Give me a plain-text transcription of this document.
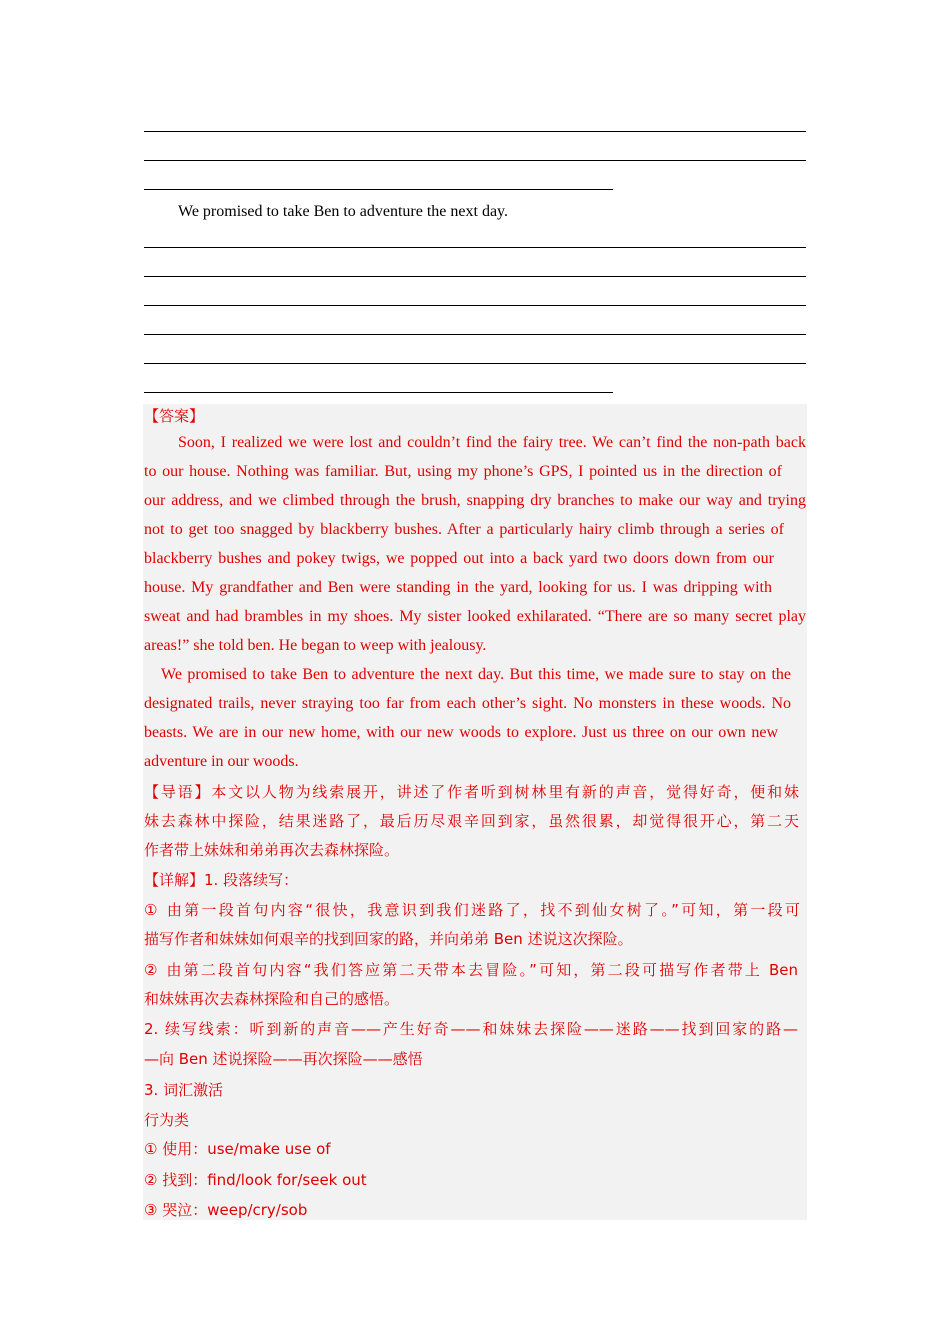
We promised to take Ben to adventure the next day.
【答案】
Soon, I realized we were lost and couldn’t find the fairy tree. We can’t find the non-path back
to our house. Nothing was familiar. But, using my phone’s GPS, I pointed us in the direction of
our address, and we climbed through the brush, snapping dry branches to make our way and trying
not to get too snagged by blackberry bushes. After a particularly hairy climb through a series of
blackberry bushes and pokey twigs, we popped out into a back yard two doors down from our
house. My grandfather and Ben were standing in the yard, looking for us. I was dripping with
sweat and had brambles in my shoes. My sister looked exhilarated. “There are so many secret play
areas!” she told ben. He began to weep with jealousy.
We promised to take Ben to adventure the next day. But this time, we made sure to stay on the
designated trails, never straying too far from each other’s sight. No monsters in these woods. No
beasts. We are in our new home, with our new woods to explore. Just us three on our own new
adventure in our woods.
【导语】本文以人物为线索展开，讲述了作者听到树林里有新的声音，觉得好奇，便和妹
妹去森林中探险，结果迷路了，最后历尽艰辛回到家，虽然很累，却觉得很开心，第二天
作者带上妹妹和弟弟再次去森林探险。
【详解】1. 段落续写：
① 由第一段首句内容“很快，我意识到我们迷路了，找不到仙女树了。”可知，第一段可
描写作者和妹妹如何艰辛的找到回家的路，并向弟弟 Ben 述说这次探险。
② 由第二段首句内容“我们答应第二天带本去冒险。”可知，第二段可描写作者带上 Ben
和妹妹再次去森林探险和自己的感悟。
2. 续写线索：听到新的声音——产生好奇——和妹妹去探险——迷路——找到回家的路—
—向 Ben 述说探险——再次探险——感悟
3. 词汇激活
行为类
① 使用：use/make use of
② 找到：find/look for/seek out
③ 哭泣：weep/cry/sob
